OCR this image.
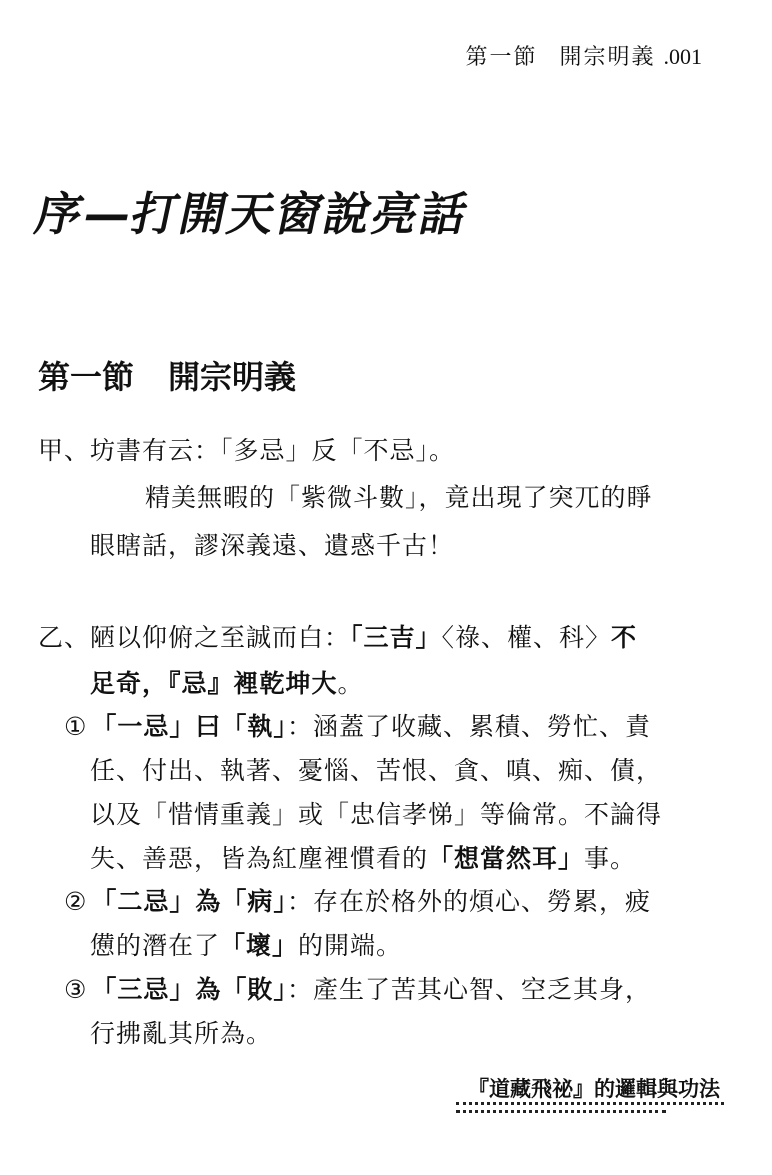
第一節 開宗明義 .001
序—打開天窗說亮話
第一節 開宗明義
甲、坊書有云：「多忌」反「不忌」。
精美無暇的「紫微斗數」，竟出現了突兀的睜
眼瞎話，謬深義遠、遺惑千古！
乙、陋以仰俯之至誠而白：「三吉」〈祿、權、科〉不
足奇，『忌』裡乾坤大。
① 「一忌」曰「執」：涵蓋了收藏、累積、勞忙、責
任、付出、執著、憂惱、苦恨、貪、嗔、痴、債，
以及「惜情重義」或「忠信孝悌」等倫常。不論得
失、善惡，皆為紅塵裡慣看的「想當然耳」事。
② 「二忌」為「病」：存在於格外的煩心、勞累，疲
憊的潛在了「壞」的開端。
③ 「三忌」為「敗」：產生了苦其心智、空乏其身，
行拂亂其所為。
『道藏飛祕』的邏輯與功法
